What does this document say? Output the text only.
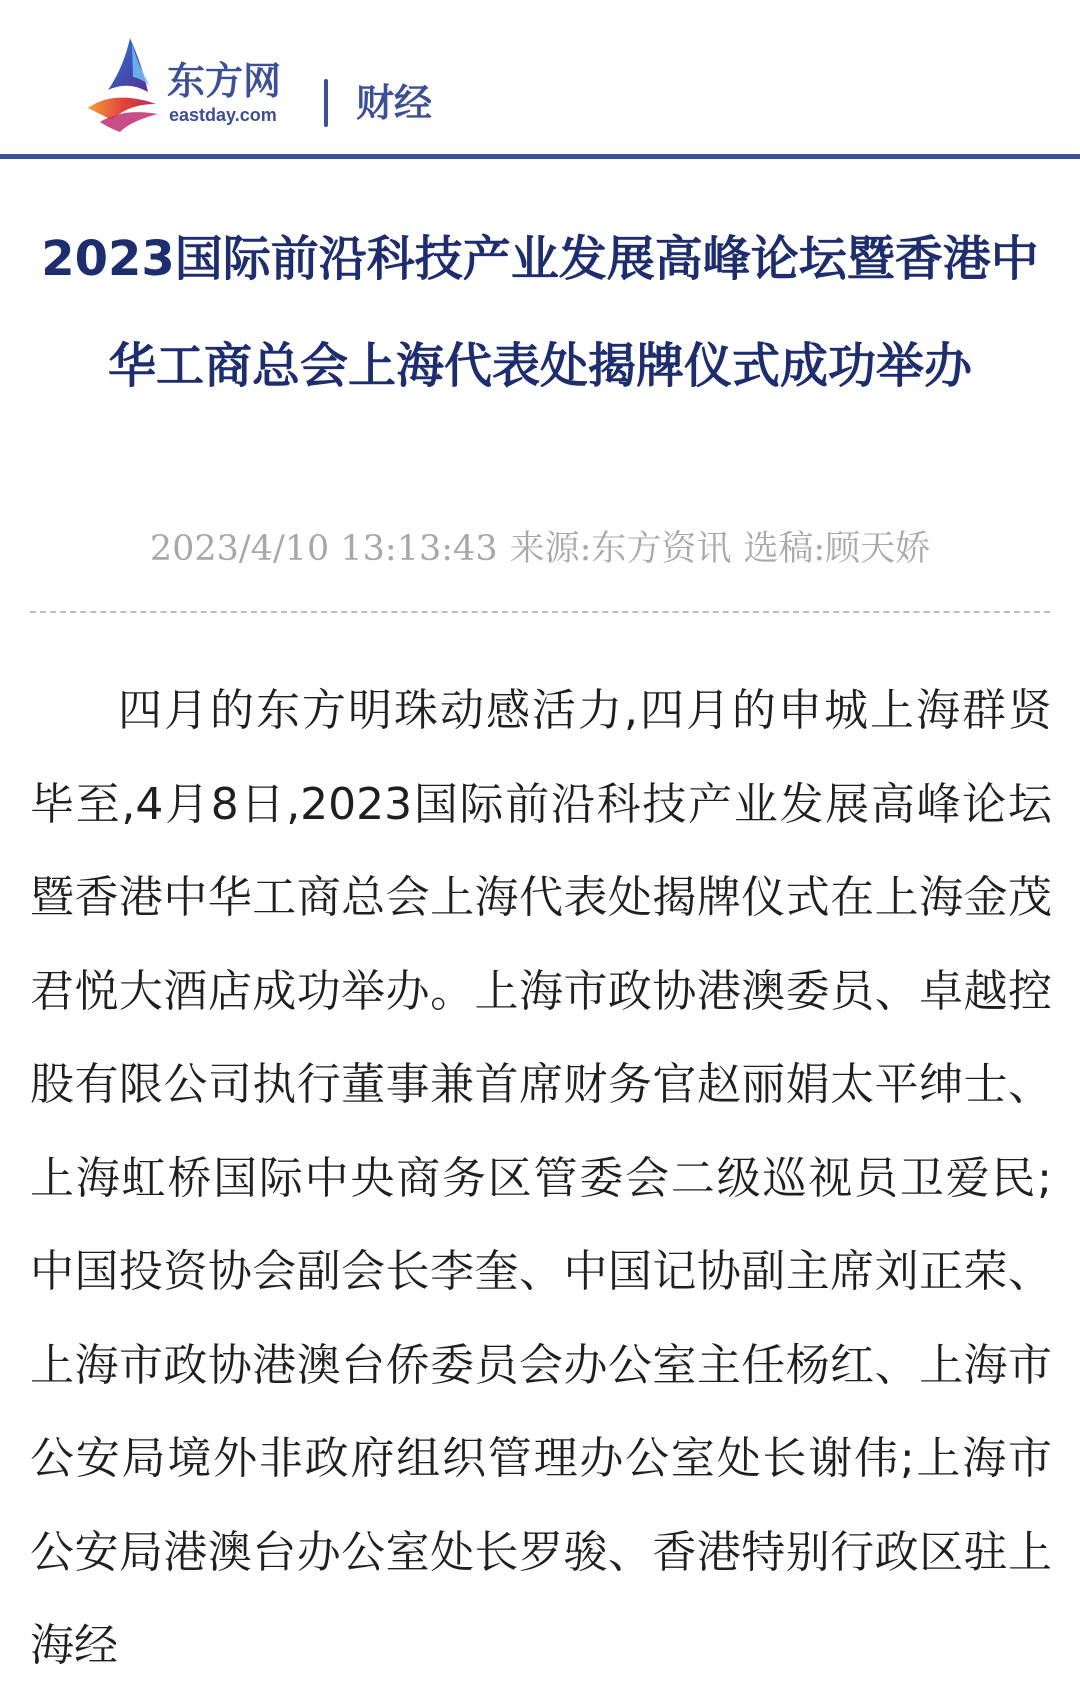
东方网
eastday.com 财经
2023国际前沿科技产业发展高峰论坛暨香港中华工商总会上海代表处揭牌仪式成功举办
2023/4/10 13:13:43 来源:东方资讯 选稿:顾天娇

四月的东方明珠动感活力,四月的申城上海群贤毕至,4月8日,2023国际前沿科技产业发展高峰论坛暨香港中华工商总会上海代表处揭牌仪式在上海金茂君悦大酒店成功举办。上海市政协港澳委员、卓越控股有限公司执行董事兼首席财务官赵丽娟太平绅士、上海虹桥国际中央商务区管委会二级巡视员卫爱民;中国投资协会副会长李奎、中国记协副主席刘正荣、上海市政协港澳台侨委员会办公室主任杨红、上海市公安局境外非政府组织管理办公室处长谢伟;上海市公安局港澳台办公室处长罗骏、香港特别行政区驻上海经
